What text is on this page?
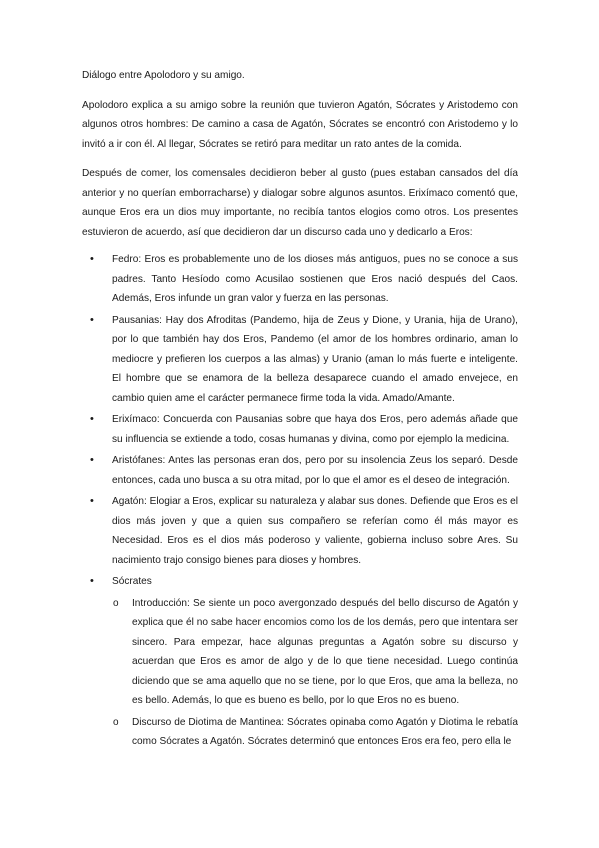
Diálogo entre Apolodoro y su amigo.

Apolodoro explica a su amigo sobre la reunión que tuvieron Agatón, Sócrates y Aristodemo con algunos otros hombres: De camino a casa de Agatón, Sócrates se encontró con Aristodemo y lo invitó a ir con él. Al llegar, Sócrates se retiró para meditar un rato antes de la comida.

Después de comer, los comensales decidieron beber al gusto (pues estaban cansados del día anterior y no querían emborracharse) y dialogar sobre algunos asuntos. Erixímaco comentó que, aunque Eros era un dios muy importante, no recibía tantos elogios como otros. Los presentes estuvieron de acuerdo, así que decidieron dar un discurso cada uno y dedicarlo a Eros:

• Fedro: Eros es probablemente uno de los dioses más antiguos, pues no se conoce a sus padres. Tanto Hesíodo como Acusilao sostienen que Eros nació después del Caos. Además, Eros infunde un gran valor y fuerza en las personas.
• Pausanias: Hay dos Afroditas (Pandemo, hija de Zeus y Dione, y Urania, hija de Urano), por lo que también hay dos Eros, Pandemo (el amor de los hombres ordinario, aman lo mediocre y prefieren los cuerpos a las almas) y Uranio (aman lo más fuerte e inteligente. El hombre que se enamora de la belleza desaparece cuando el amado envejece, en cambio quien ame el carácter permanece firme toda la vida. Amado/Amante.
• Erixímaco: Concuerda con Pausanias sobre que haya dos Eros, pero además añade que su influencia se extiende a todo, cosas humanas y divina, como por ejemplo la medicina.
• Aristófanes: Antes las personas eran dos, pero por su insolencia Zeus los separó. Desde entonces, cada uno busca a su otra mitad, por lo que el amor es el deseo de integración.
• Agatón: Elogiar a Eros, explicar su naturaleza y alabar sus dones. Defiende que Eros es el dios más joven y que a quien sus compañero se referían como él más mayor es Necesidad. Eros es el dios más poderoso y valiente, gobierna incluso sobre Ares. Su nacimiento trajo consigo bienes para dioses y hombres.
• Sócrates
o Introducción: Se siente un poco avergonzado después del bello discurso de Agatón y explica que él no sabe hacer encomios como los de los demás, pero que intentara ser sincero. Para empezar, hace algunas preguntas a Agatón sobre su discurso y acuerdan que Eros es amor de algo y de lo que tiene necesidad. Luego continúa diciendo que se ama aquello que no se tiene, por lo que Eros, que ama la belleza, no es bello. Además, lo que es bueno es bello, por lo que Eros no es bueno.
o Discurso de Diotima de Mantinea: Sócrates opinaba como Agatón y Diotima le rebatía como Sócrates a Agatón. Sócrates determinó que entonces Eros era feo, pero ella le
